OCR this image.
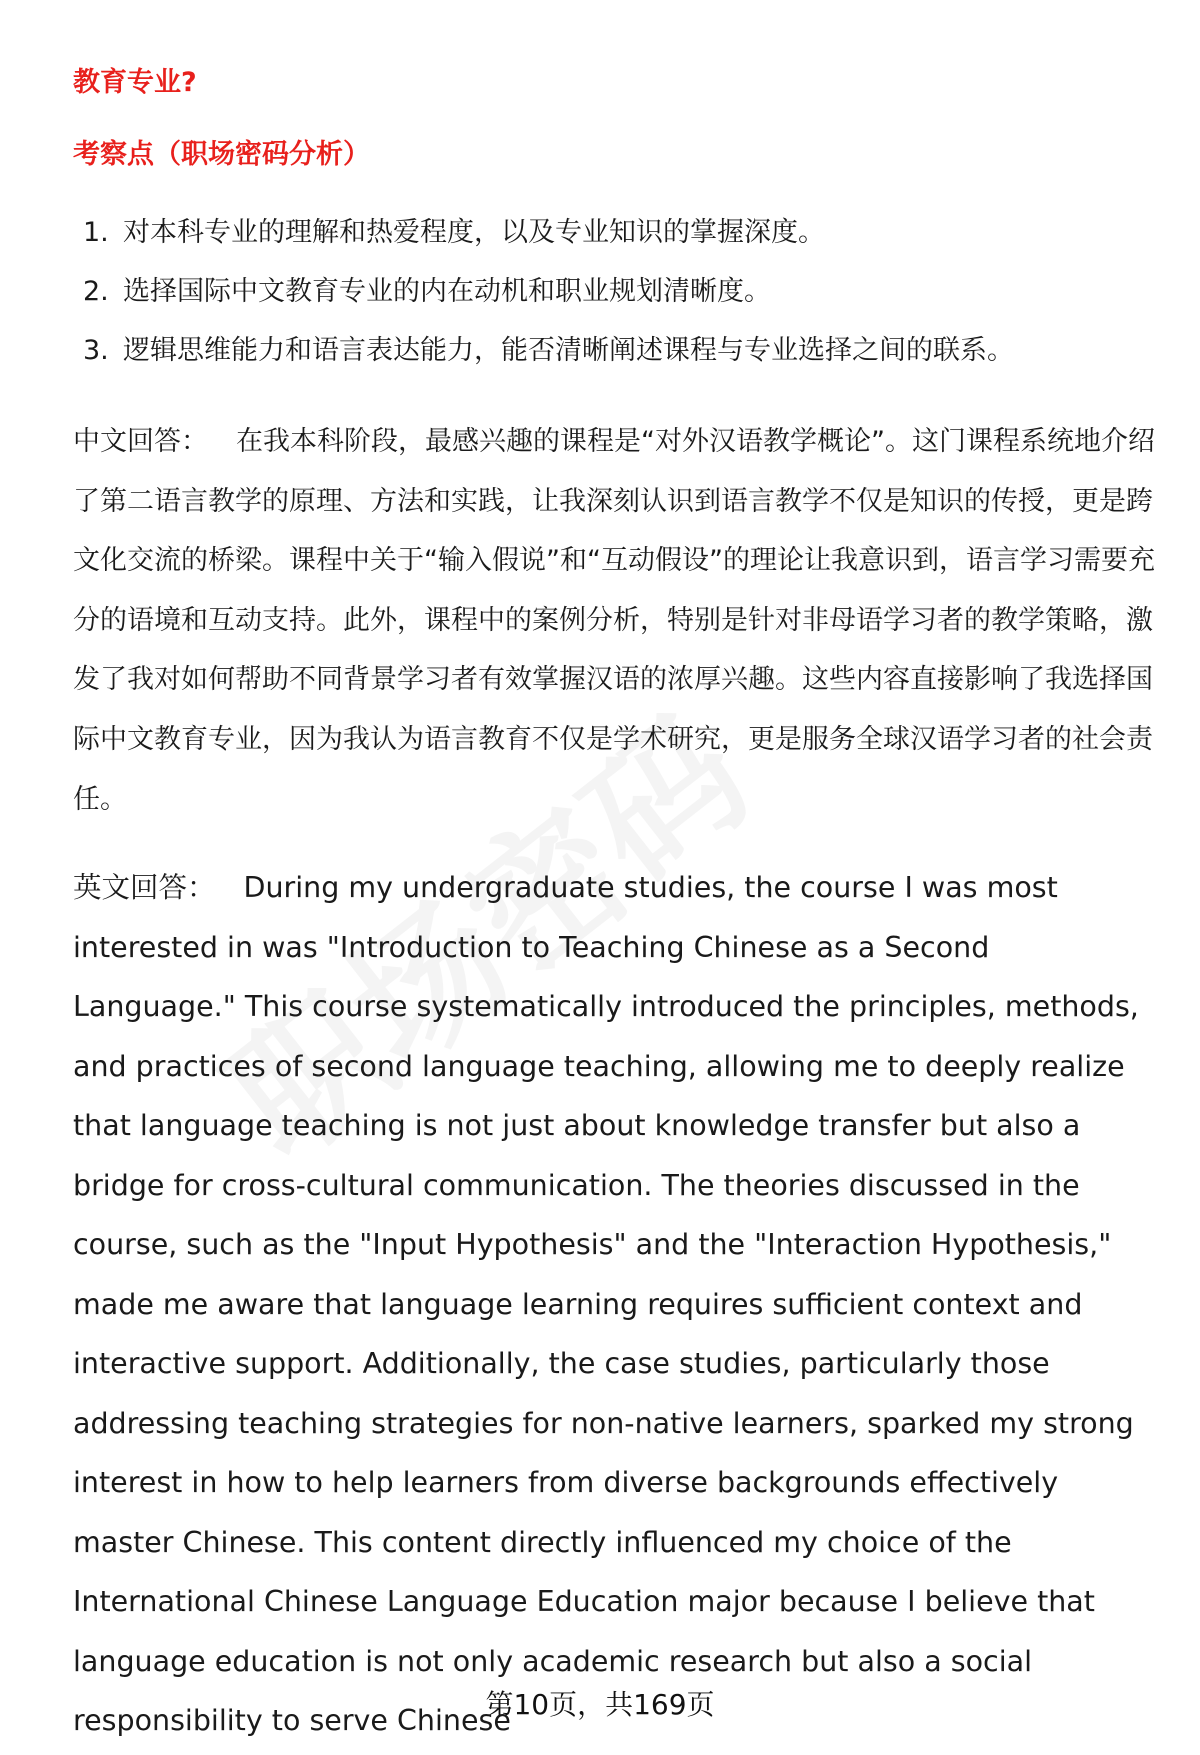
教育专业?
考察点（职场密码分析）
1. 对本科专业的理解和热爱程度，以及专业知识的掌握深度。
2. 选择国际中文教育专业的内在动机和职业规划清晰度。
3. 逻辑思维能力和语言表达能力，能否清晰阐述课程与专业选择之间的联系。

中文回答： 在我本科阶段，最感兴趣的课程是“对外汉语教学概论”。这门课程系统地介绍了第二语言教学的原理、方法和实践，让我深刻认识到语言教学不仅是知识的传授，更是跨文化交流的桥梁。课程中关于“输入假说”和“互动假设”的理论让我意识到，语言学习需要充分的语境和互动支持。此外，课程中的案例分析，特别是针对非母语学习者的教学策略，激发了我对如何帮助不同背景学习者有效掌握汉语的浓厚兴趣。这些内容直接影响了我选择国际中文教育专业，因为我认为语言教育不仅是学术研究，更是服务全球汉语学习者的社会责任。

英文回答： During my undergraduate studies, the course I was most interested in was "Introduction to Teaching Chinese as a Second Language." This course systematically introduced the principles, methods, and practices of second language teaching, allowing me to deeply realize that language teaching is not just about knowledge transfer but also a bridge for cross-cultural communication. The theories discussed in the course, such as the "Input Hypothesis" and the "Interaction Hypothesis," made me aware that language learning requires sufficient context and interactive support. Additionally, the case studies, particularly those addressing teaching strategies for non-native learners, sparked my strong interest in how to help learners from diverse backgrounds effectively master Chinese. This content directly influenced my choice of the International Chinese Language Education major because I believe that language education is not only academic research but also a social responsibility to serve Chinese

第10页，共169页
